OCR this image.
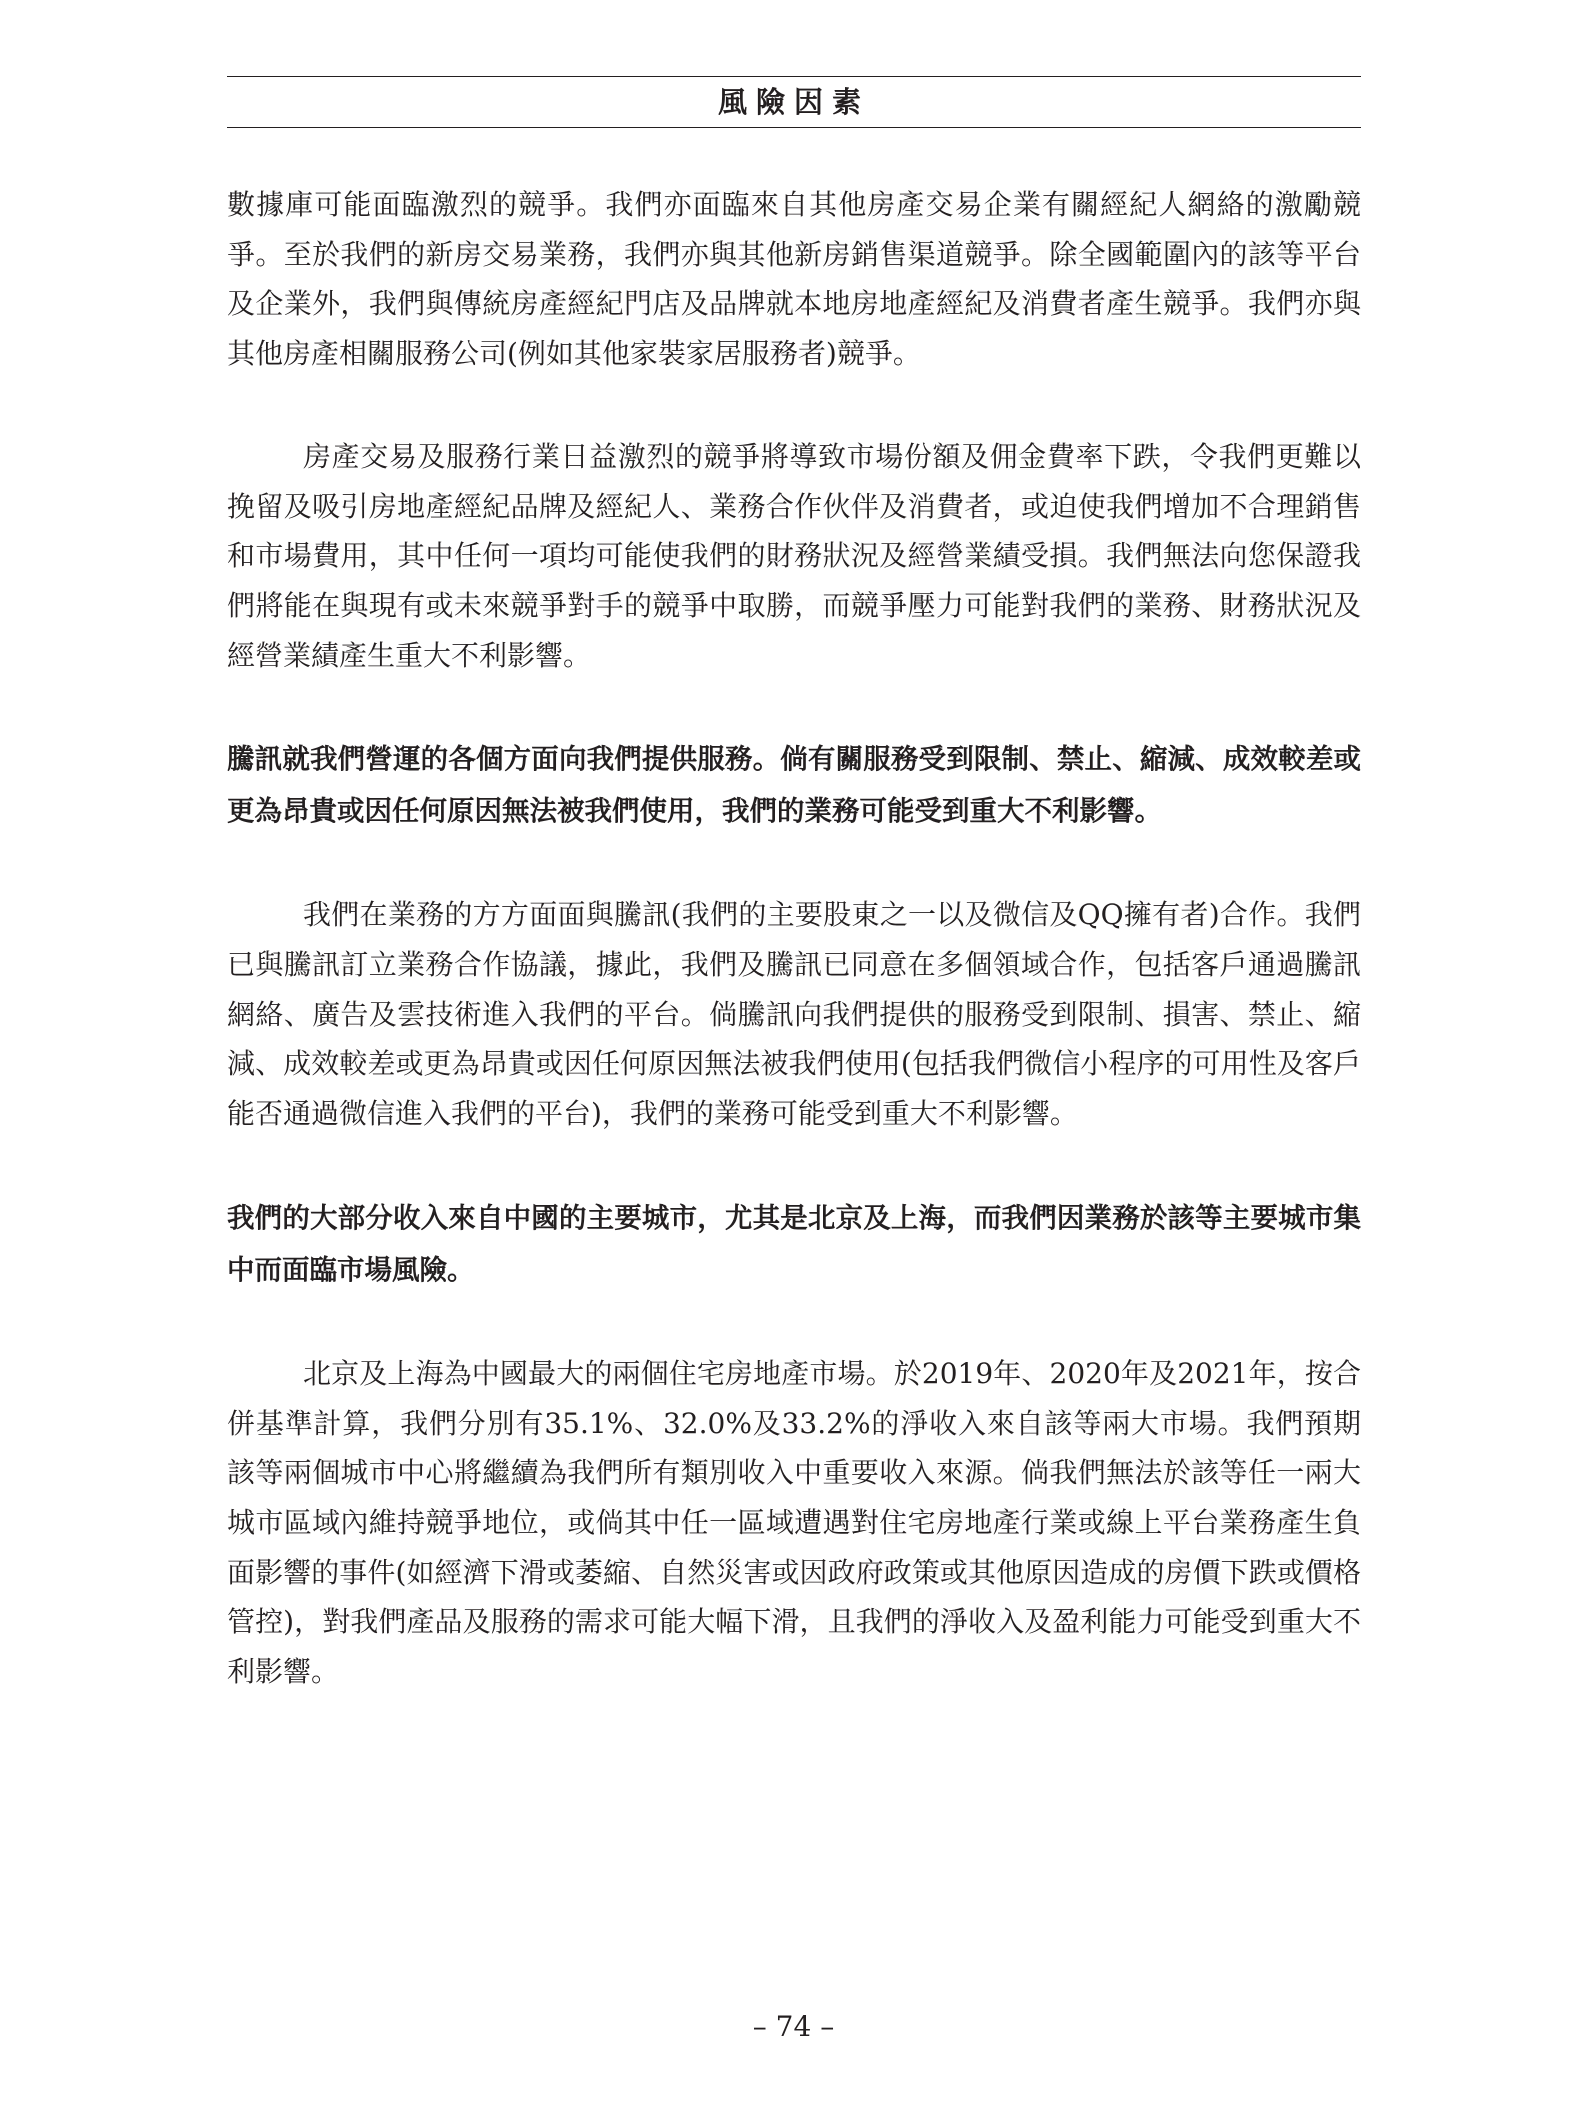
風險因素

數據庫可能面臨激烈的競爭。我們亦面臨來自其他房產交易企業有關經紀人網絡的激勵競爭。至於我們的新房交易業務，我們亦與其他新房銷售渠道競爭。除全國範圍內的該等平台及企業外，我們與傳統房產經紀門店及品牌就本地房地產經紀及消費者產生競爭。我們亦與其他房產相關服務公司(例如其他家裝家居服務者)競爭。

房產交易及服務行業日益激烈的競爭將導致市場份額及佣金費率下跌，令我們更難以挽留及吸引房地產經紀品牌及經紀人、業務合作伙伴及消費者，或迫使我們增加不合理銷售和市場費用，其中任何一項均可能使我們的財務狀況及經營業績受損。我們無法向您保證我們將能在與現有或未來競爭對手的競爭中取勝，而競爭壓力可能對我們的業務、財務狀況及經營業績產生重大不利影響。

騰訊就我們營運的各個方面向我們提供服務。倘有關服務受到限制、禁止、縮減、成效較差或更為昂貴或因任何原因無法被我們使用，我們的業務可能受到重大不利影響。

我們在業務的方方面面與騰訊(我們的主要股東之一以及微信及QQ擁有者)合作。我們已與騰訊訂立業務合作協議，據此，我們及騰訊已同意在多個領域合作，包括客戶通過騰訊網絡、廣告及雲技術進入我們的平台。倘騰訊向我們提供的服務受到限制、損害、禁止、縮減、成效較差或更為昂貴或因任何原因無法被我們使用(包括我們微信小程序的可用性及客戶能否通過微信進入我們的平台)，我們的業務可能受到重大不利影響。

我們的大部分收入來自中國的主要城市，尤其是北京及上海，而我們因業務於該等主要城市集中而面臨市場風險。

北京及上海為中國最大的兩個住宅房地產市場。於2019年、2020年及2021年，按合併基準計算，我們分別有35.1%、32.0%及33.2%的淨收入來自該等兩大市場。我們預期該等兩個城市中心將繼續為我們所有類別收入中重要收入來源。倘我們無法於該等任一兩大城市區域內維持競爭地位，或倘其中任一區域遭遇對住宅房地產行業或線上平台業務產生負面影響的事件(如經濟下滑或萎縮、自然災害或因政府政策或其他原因造成的房價下跌或價格管控)，對我們產品及服務的需求可能大幅下滑，且我們的淨收入及盈利能力可能受到重大不利影響。

– 74 –
